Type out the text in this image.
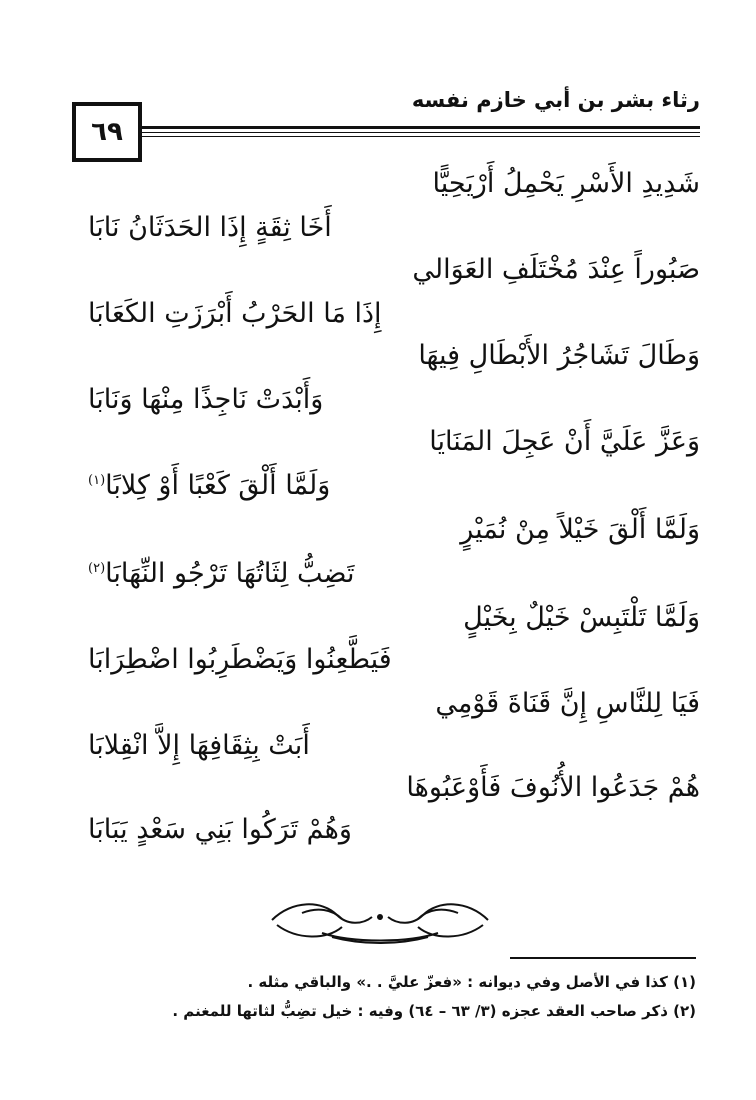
رثاء بشر بن أبي خازم نفسه
٦٩
شَدِيدِ الأَسْرِ يَحْمِلُ أَرْيَحِيًّا
أَخَا ثِقَةٍ إِذَا الحَدَثَانُ نَابَا
صَبُوراً عِنْدَ مُخْتَلَفِ العَوَالي
إِذَا مَا الحَرْبُ أَبْرَزَتِ الكَعَابَا
وَطَالَ تَشَاجُرُ الأَبْطَالِ فِيهَا
وَأَبْدَتْ نَاجِذًا مِنْهَا وَنَابَا
وَعَزَّ عَلَيَّ أَنْ عَجِلَ المَنَايَا
وَلَمَّا أَلْقَ كَعْبًا أَوْ كِلابًا$^{(١)}$
وَلَمَّا أَلْقَ خَيْلاً مِنْ نُمَيْرٍ
تَضِبُّ لِثَاتُهَا تَرْجُو النِّهَابَا$^{(٢)}$
وَلَمَّا تَلْتَبِسْ خَيْلٌ بِخَيْلٍ
فَيَطَّعِنُوا وَيَضْطَرِبُوا اضْطِرَابَا
فَيَا لِلنَّاسِ إِنَّ قَنَاةَ قَوْمِي
أَبَتْ بِثِقَافِهَا إِلاَّ انْقِلابَا
هُمْ جَدَعُوا الأُنُوفَ فَأَوْعَبُوهَا
وَهُمْ تَرَكُوا بَنِي سَعْدٍ يَبَابَا
(١) كذا في الأصل وفي ديوانه : «فعزّ عليَّ . .» والباقي مثله .
(٢) ذكر صاحب العقد عجزه (٣/ ٦٣ – ٦٤) وفيه : خيل تضِبُّ لثاتها للمغنم .
